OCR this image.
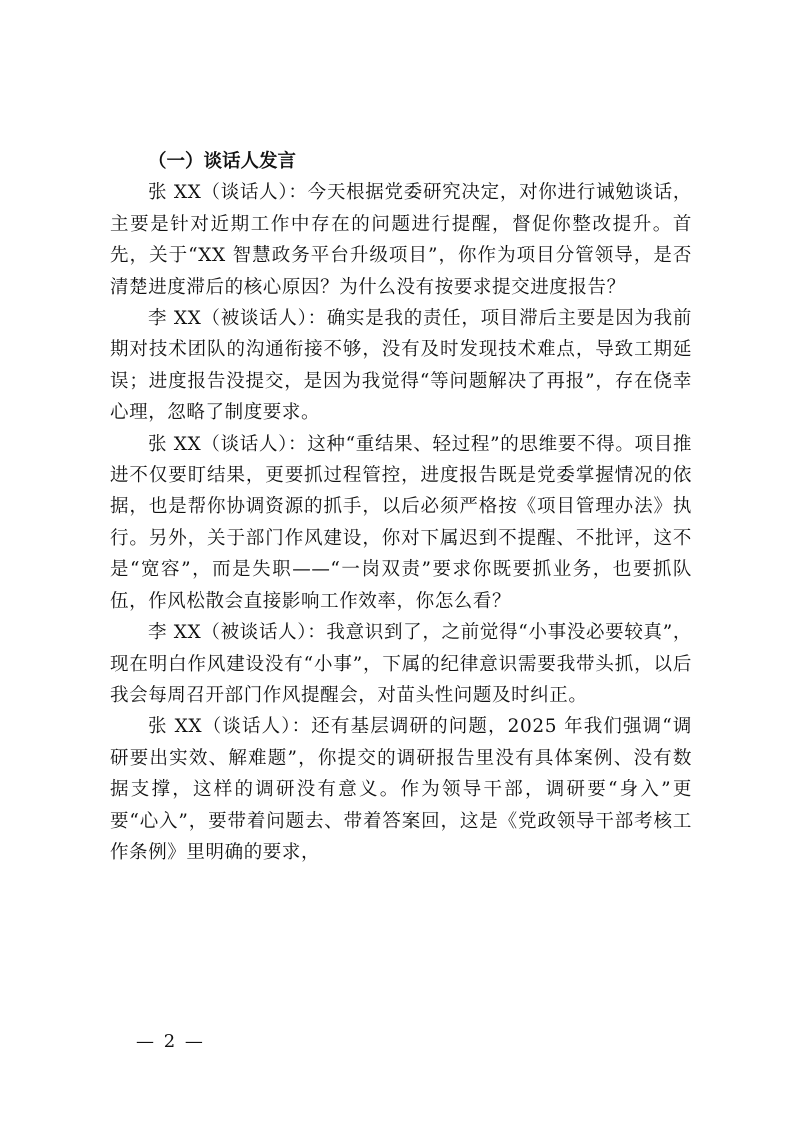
（一）谈话人发言

张 XX（谈话人）：今天根据党委研究决定，对你进行诫勉谈话，主要是针对近期工作中存在的问题进行提醒，督促你整改提升。首先，关于“XX 智慧政务平台升级项目”，你作为项目分管领导，是否清楚进度滞后的核心原因？为什么没有按要求提交进度报告？

李 XX（被谈话人）：确实是我的责任，项目滞后主要是因为我前期对技术团队的沟通衔接不够，没有及时发现技术难点，导致工期延误；进度报告没提交，是因为我觉得“等问题解决了再报”，存在侥幸心理，忽略了制度要求。

张 XX（谈话人）：这种“重结果、轻过程”的思维要不得。项目推进不仅要盯结果，更要抓过程管控，进度报告既是党委掌握情况的依据，也是帮你协调资源的抓手，以后必须严格按《项目管理办法》执行。另外，关于部门作风建设，你对下属迟到不提醒、不批评，这不是“宽容”，而是失职——“一岗双责”要求你既要抓业务，也要抓队伍，作风松散会直接影响工作效率，你怎么看？

李 XX（被谈话人）：我意识到了，之前觉得“小事没必要较真”，现在明白作风建设没有“小事”，下属的纪律意识需要我带头抓，以后我会每周召开部门作风提醒会，对苗头性问题及时纠正。

张 XX（谈话人）：还有基层调研的问题，2025 年我们强调“调研要出实效、解难题”，你提交的调研报告里没有具体案例、没有数据支撑，这样的调研没有意义。作为领导干部，调研要“身入”更要“心入”，要带着问题去、带着答案回，这是《党政领导干部考核工作条例》里明确的要求，

— 2 —
